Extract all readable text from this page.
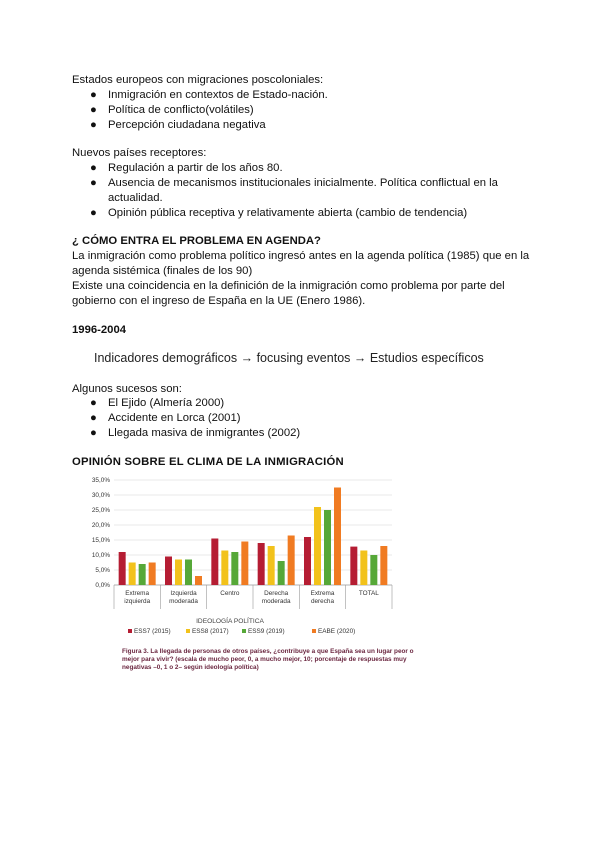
Estados europeos con migraciones poscoloniales:
● Inmigración en contextos de Estado-nación.
● Política de conflicto(volátiles)
● Percepción ciudadana negativa
Nuevos países receptores:
● Regulación a partir de los años 80.
● Ausencia de mecanismos institucionales inicialmente. Política conflictual en la actualidad.
● Opinión pública receptiva y relativamente abierta (cambio de tendencia)
¿ CÓMO ENTRA EL PROBLEMA EN AGENDA?
La inmigración como problema político ingresó antes en la agenda política (1985) que en la
agenda sistémica (finales de los 90)
Existe una coincidencia en la definición de la inmigración como problema por parte del
gobierno con el ingreso de España en la UE (Enero 1986).
1996-2004
Indicadores demográficos → focusing eventos → Estudios específicos
Algunos sucesos son:
● El Ejido (Almería 2000)
● Accidente en Lorca (2001)
● Llegada masiva de inmigrantes (2002)
OPINIÓN SOBRE EL CLIMA DE LA INMIGRACIÓN
35,0%
30,0%
25,0%
20,0%
15,0%
10,0%
5,0%
0,0%
Extrema
izquierda
Izquierda
moderada
Centro	Derecha
moderada
Extrema
derecha
TOTAL
IDEOLOGÍA POLÍTICA
ESS7 (2015)	ESS8 (2017)	ESS9 (2019)	EABE (2020)
Figura 3. La llegada de personas de otros países, ¿contribuye a que España sea un lugar peor o mejor para vivir? (escala de mucho peor, 0, a mucho mejor, 10; porcentaje de respuestas muy negativas –0, 1 o 2– según ideología política)
